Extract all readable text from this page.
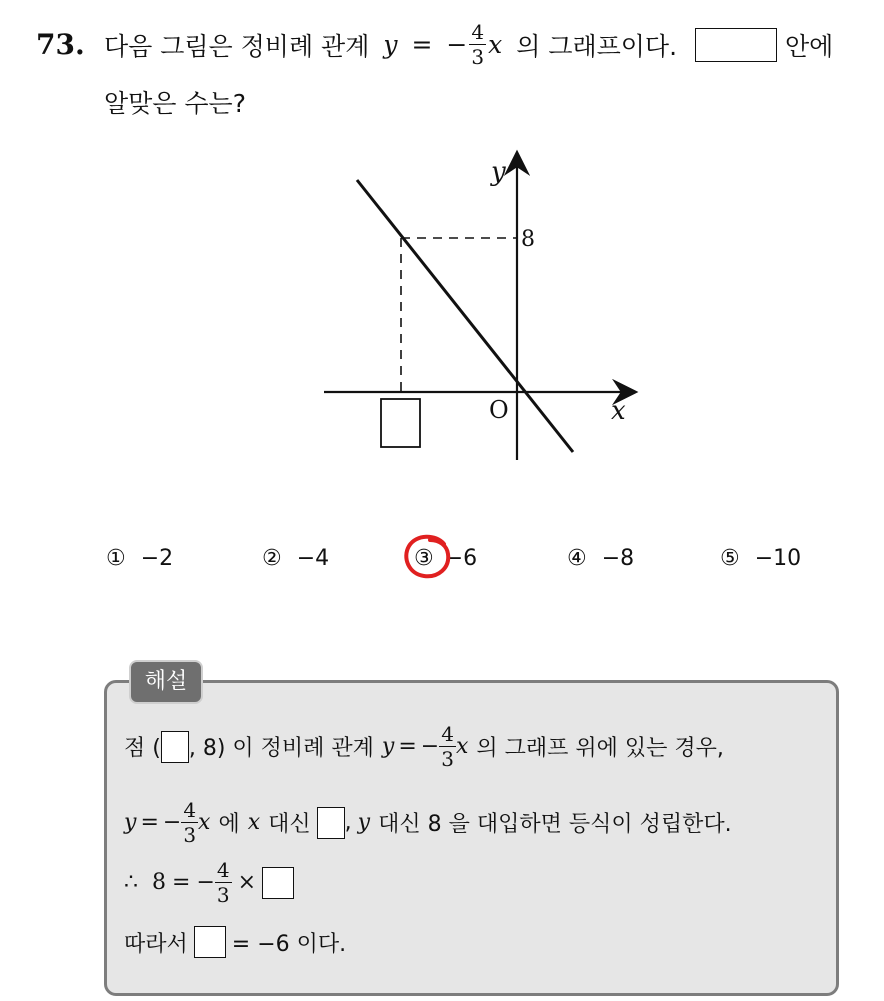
73. 다음 그림은 정비례 관계 y = − $\frac{4}{3}$ x 의 그래프이다.	안에
알맞은 수는?
y
x
O
8
① −2	② −4	③ −6	④ −8	⑤ −10
해설
점 ( , 8) 이 정비례 관계 y = − $\frac{4}{3}$ x 의 그래프 위에 있는 경우,
y = − $\frac{4}{3}$ x 에 x 대신 , y 대신 8 을 대입하면 등식이 성립한다.
∴ 8 = − $\frac{4}{3}$ ×
따라서 = −6 이다.
